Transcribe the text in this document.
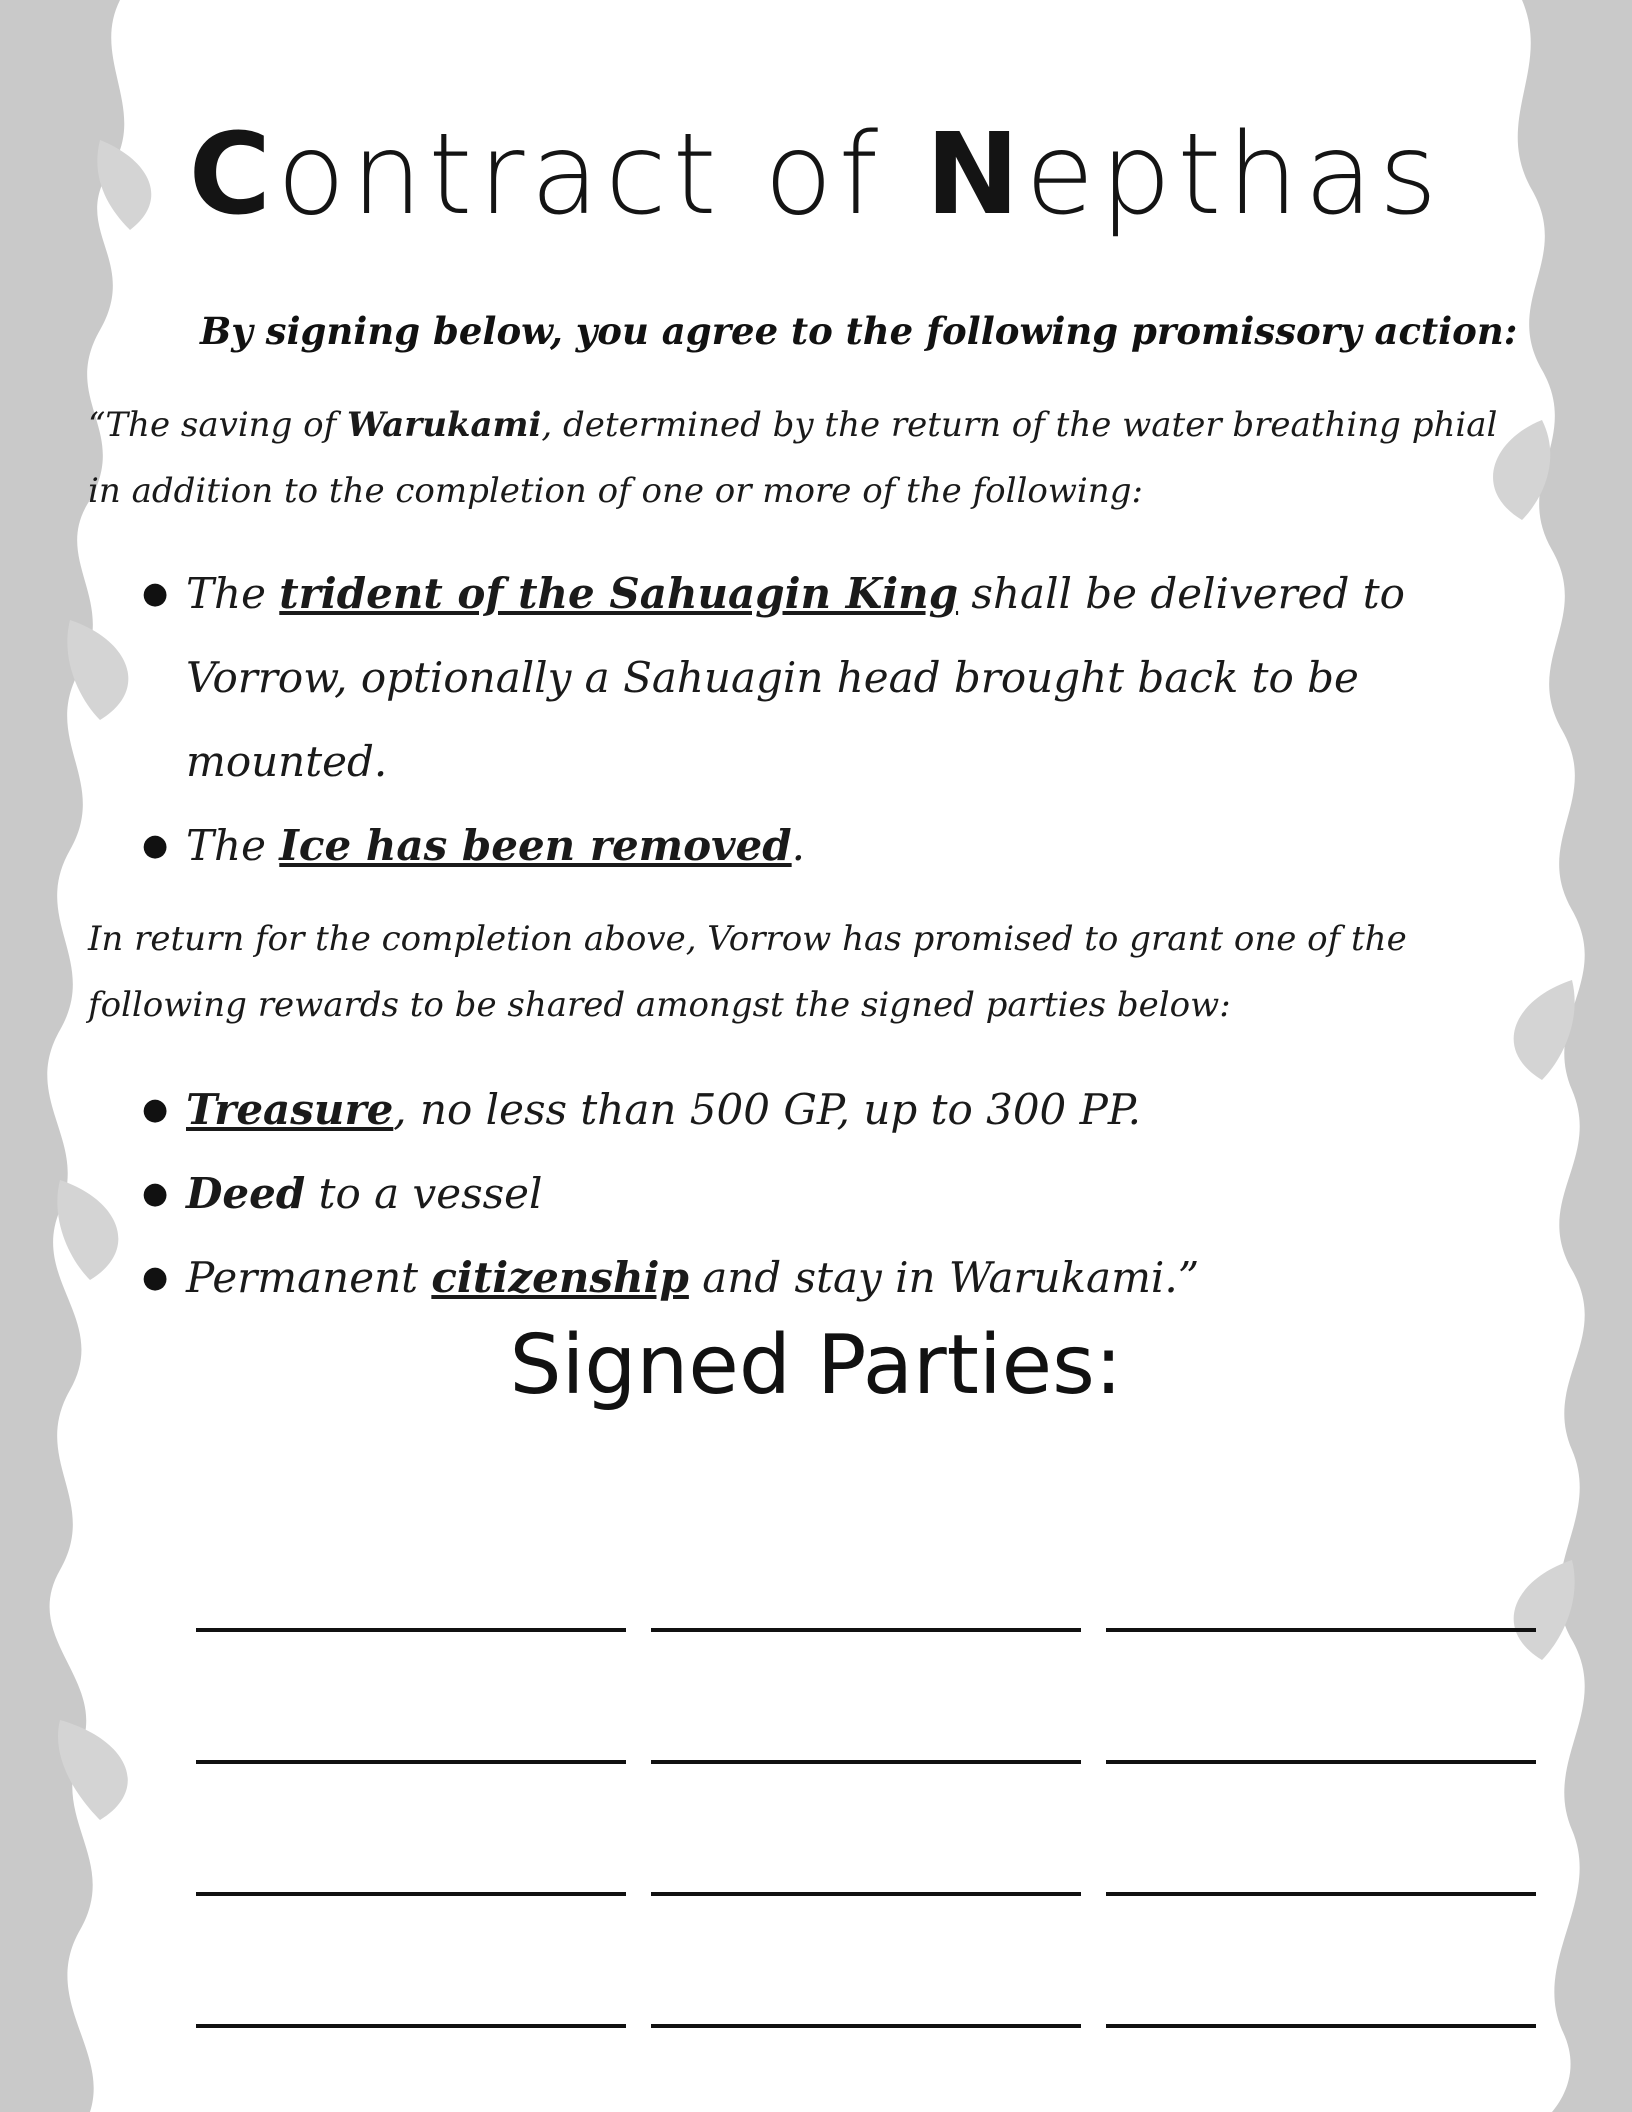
Contract of Nepthas
By signing below, you agree to the following promissory action:
“The saving of Warukami, determined by the return of the water breathing phial in addition to the completion of one or more of the following:
● The trident of the Sahuagin King shall be delivered to Vorrow, optionally a Sahuagin head brought back to be mounted.
● The Ice has been removed.
In return for the completion above, Vorrow has promised to grant one of the following rewards to be shared amongst the signed parties below:
● Treasure, no less than 500 GP, up to 300 PP.
● Deed to a vessel
● Permanent citizenship and stay in Warukami.”
Signed Parties:
